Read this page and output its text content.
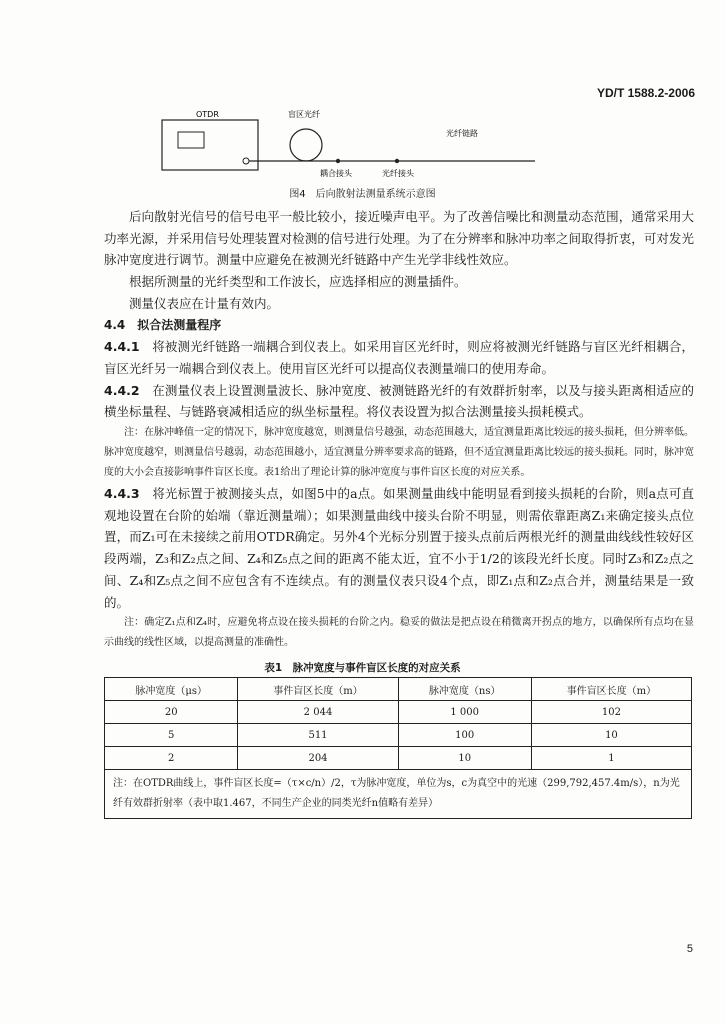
YD/T 1588.2-2006
OTDR	盲区光纤
光纤链路
耦合接头	光纤接头
图4　后向散射法测量系统示意图

后向散射光信号的信号电平一般比较小，接近噪声电平。为了改善信噪比和测量动态范围，通常采用大功率光源，并采用信号处理装置对检测的信号进行处理。为了在分辨率和脉冲功率之间取得折衷，可对发光脉冲宽度进行调节。测量中应避免在被测光纤链路中产生光学非线性效应。

根据所测量的光纤类型和工作波长，应选择相应的测量插件。

测量仪表应在计量有效内。

4.4　 拟合法测量程序

4.4.1　 将被测光纤链路一端耦合到仪表上。如采用盲区光纤时，则应将被测光纤链路与盲区光纤相耦合，盲区光纤另一端耦合到仪表上。使用盲区光纤可以提高仪表测量端口的使用寿命。

4.4.2　 在测量仪表上设置测量波长、脉冲宽度、被测链路光纤的有效群折射率，以及与接头距离相适应的横坐标量程、与链路衰减相适应的纵坐标量程。将仪表设置为拟合法测量接头损耗模式。

注：在脉冲峰值一定的情况下，脉冲宽度越宽，则测量信号越强，动态范围越大，适宜测量距离比较远的接头损耗，但分辨率低。脉冲宽度越窄，则测量信号越弱，动态范围越小，适宜测量分辨率要求高的链路，但不适宜测量距离比较远的接头损耗。同时，脉冲宽度的大小会直接影响事件盲区长度。表1给出了理论计算的脉冲宽度与事件盲区长度的对应关系。

4.4.3　 将光标置于被测接头点，如图5中的a点。如果测量曲线中能明显看到接头损耗的台阶，则a点可直观地设置在台阶的始端（靠近测量端）；如果测量曲线中接头台阶不明显，则需依靠距离Z₁来确定接头点位置，而Z₁可在未接续之前用OTDR确定。另外4个光标分别置于接头点前后两根光纤的测量曲线线性较好区段两端，Z₃和Z₂点之间、Z₄和Z₅点之间的距离不能太近，宜不小于1/2的该段光纤长度。同时Z₃和Z₂点之间、Z₄和Z₅点之间不应包含有不连续点。有的测量仪表只设4个点，即Z₁点和Z₂点合并，测量结果是一致的。

注：确定Z₁点和Z₄时，应避免将点设在接头损耗的台阶之内。稳妥的做法是把点设在稍微离开拐点的地方，以确保所有点均在显示曲线的线性区域，以提高测量的准确性。

表1　脉冲宽度与事件盲区长度的对应关系
脉冲宽度（μs）	事件盲区长度（m）	脉冲宽度（ns）	事件盲区长度（m）
20	2 044	1 000	102
5	511	100	10
2	204	10	1
注：在OTDR曲线上，事件盲区长度=（τ×c/n）/2，τ为脉冲宽度，单位为s，c为真空中的光速（299,792,457.4m/s），n为光纤有效群折射率（表中取1.467，不同生产企业的同类光纤n值略有差异）			
5
